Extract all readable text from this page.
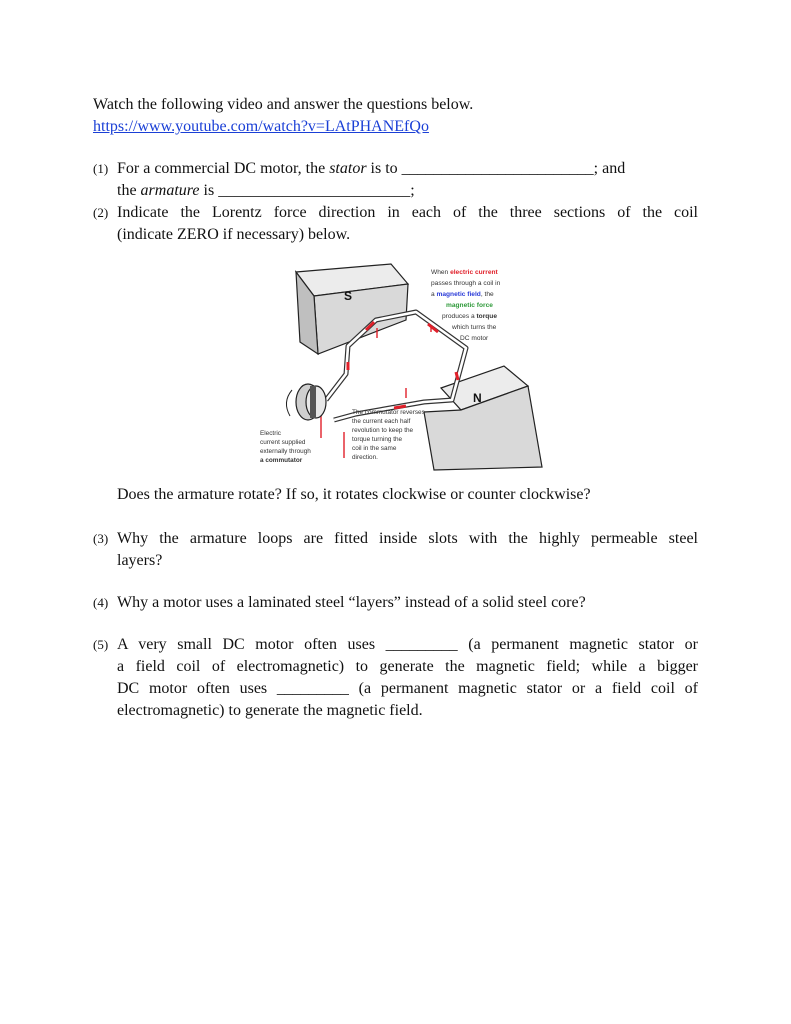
Watch the following video and answer the questions below.
https://www.youtube.com/watch?v=LAtPHANEfQo
(1) For a commercial DC motor, the stator is to ________________________; and
the armature is ________________________;
(2) Indicate the Lorentz force direction in each of the three sections of the coil
(indicate ZERO if necessary) below.
S
N
When electric current
passes through a coil in
a magnetic field, the
magnetic force
produces a torque
which turns the
DC motor
The commutator reverses
the current each half
revolution to keep the
torque turning the
coil in the same
direction.
Electric
current supplied
externally through
a commutator
Does the armature rotate? If so, it rotates clockwise or counter clockwise?
(3) Why the armature loops are fitted inside slots with the highly permeable steel
layers?
(4) Why a motor uses a laminated steel “layers” instead of a solid steel core?
(5) A very small DC motor often uses _________ (a permanent magnetic stator or
a field coil of electromagnetic) to generate the magnetic field; while a bigger
DC motor often uses _________ (a permanent magnetic stator or a field coil of
electromagnetic) to generate the magnetic field.
